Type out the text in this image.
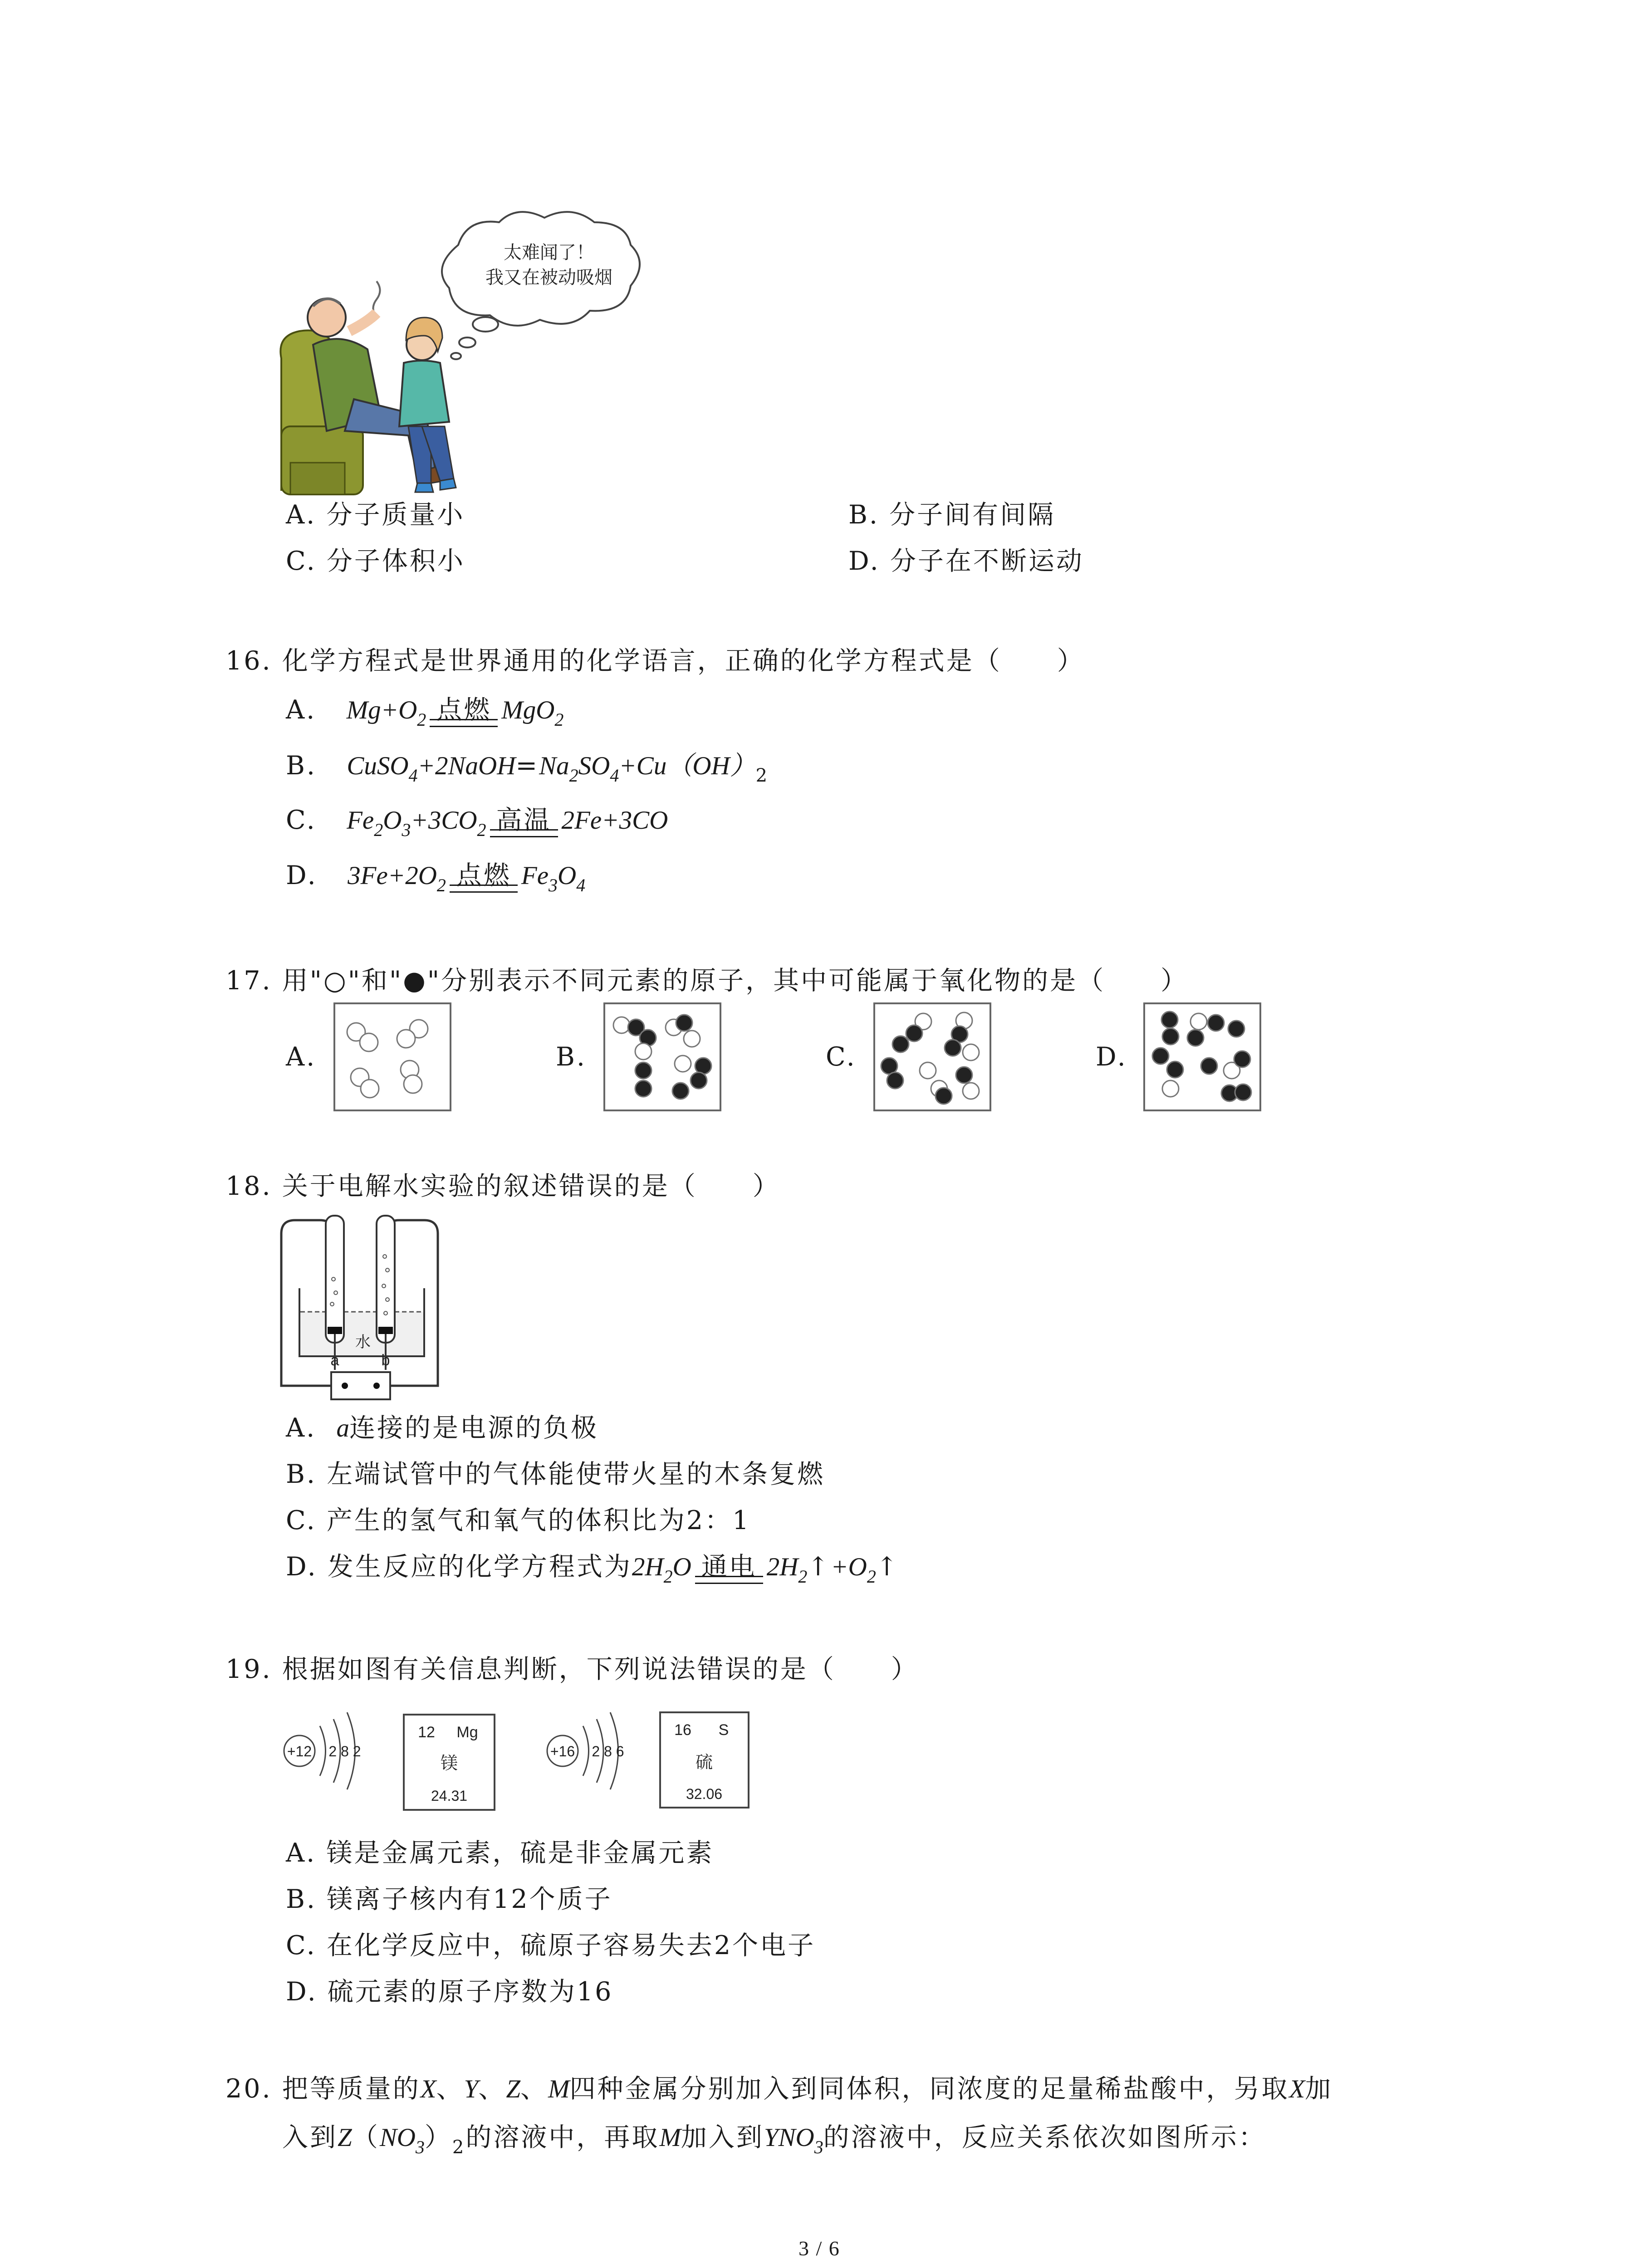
太难闻了！
我又在被动吸烟
A. 分子质量小	B. 分子间有间隔
C. 分子体积小	D. 分子在不断运动
16. 化学方程式是世界通用的化学语言，正确的化学方程式是（　　）
A. $Mg+O_2$ 点燃 MgO$_2$
B. $CuSO_4+2NaOH=Na_2SO_4+Cu(OH)_2$
C. $Fe_2O_3+3CO_2$ 高温 2Fe+3CO
D. $3Fe+2O_2$ 点燃 $Fe_3O_4$
17. 用"○"和"●"分别表示不同元素的原子，其中可能属于氧化物的是（　　）
A.	B.	C.	D.
18. 关于电解水实验的叙述错误的是（　　）
水
a	b
A. a连接的是电源的负极
B. 左端试管中的气体能使带火星的木条复燃
C. 产生的氢气和氧气的体积比为2：1
D. 发生反应的化学方程式为$2H_2O$ 通电 $2H_2↑+O_2↑$
19. 根据如图有关信息判断，下列说法错误的是（　　）
+12 2 8 2
12 Mg
镁
24.31
+16 2 8 6
16 S
硫
32.06
A. 镁是金属元素，硫是非金属元素
B. 镁离子核内有12个质子
C. 在化学反应中，硫原子容易失去2个电子
D. 硫元素的原子序数为16
20. 把等质量的X、Y、Z、M四种金属分别加入到同体积，同浓度的足量稀盐酸中，另取X加
入到$Z(NO_3)_2$的溶液中，再取M加入到$YNO_3$的溶液中，反应关系依次如图所示：
3 / 6
